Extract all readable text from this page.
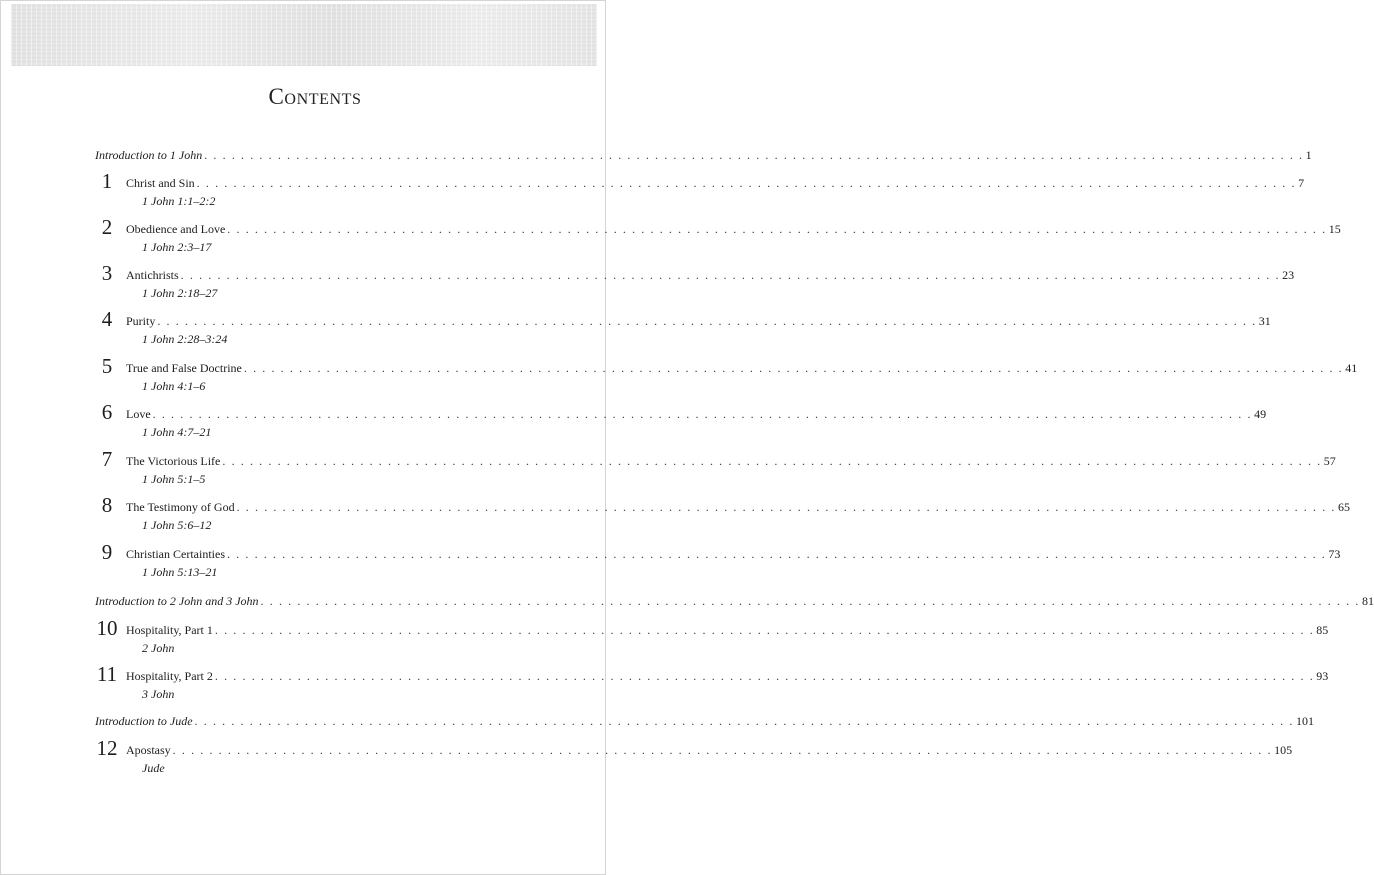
Contents
Introduction to 1 John . . . . . . . . . . . . . . . . . . . . . . . . . . . . . . . . . . . . . . . . . . . . . . . . . . . . . . . . . . . . . . . . . . . . . . . . . . . . . . . . . . . . . . . . . . . . . . . . . . . . . . . . . . . . . . . . . . . . . . . . 1
1	Christ and Sin . . . . . . . . . . . . . . . . . . . . . . . . . . . . . . . . . . . . . . . . . . . . . . . . . . . . . . . . . . . . . . . . . . . . . . . . . . . . . . . . . . . . . . . . . . . . . . . . . . . . . . . . . . . . . . . . . . . . . . . . 7
1 John 1:1–2:2
2	Obedience and Love . . . . . . . . . . . . . . . . . . . . . . . . . . . . . . . . . . . . . . . . . . . . . . . . . . . . . . . . . . . . . . . . . . . . . . . . . . . . . . . . . . . . . . . . . . . . . . . . . . . . . . . . . . . . . . . . . . . . . . . . 15
1 John 2:3–17
3	Antichrists . . . . . . . . . . . . . . . . . . . . . . . . . . . . . . . . . . . . . . . . . . . . . . . . . . . . . . . . . . . . . . . . . . . . . . . . . . . . . . . . . . . . . . . . . . . . . . . . . . . . . . . . . . . . . . . . . . . . . . . . 23
1 John 2:18–27
4	Purity . . . . . . . . . . . . . . . . . . . . . . . . . . . . . . . . . . . . . . . . . . . . . . . . . . . . . . . . . . . . . . . . . . . . . . . . . . . . . . . . . . . . . . . . . . . . . . . . . . . . . . . . . . . . . . . . . . . . . . . . 31
1 John 2:28–3:24
5	True and False Doctrine . . . . . . . . . . . . . . . . . . . . . . . . . . . . . . . . . . . . . . . . . . . . . . . . . . . . . . . . . . . . . . . . . . . . . . . . . . . . . . . . . . . . . . . . . . . . . . . . . . . . . . . . . . . . . . . . . . . . . . . . 41
1 John 4:1–6
6	Love . . . . . . . . . . . . . . . . . . . . . . . . . . . . . . . . . . . . . . . . . . . . . . . . . . . . . . . . . . . . . . . . . . . . . . . . . . . . . . . . . . . . . . . . . . . . . . . . . . . . . . . . . . . . . . . . . . . . . . . . 49
1 John 4:7–21
7	The Victorious Life . . . . . . . . . . . . . . . . . . . . . . . . . . . . . . . . . . . . . . . . . . . . . . . . . . . . . . . . . . . . . . . . . . . . . . . . . . . . . . . . . . . . . . . . . . . . . . . . . . . . . . . . . . . . . . . . . . . . . . . . 57
1 John 5:1–5
8	The Testimony of God . . . . . . . . . . . . . . . . . . . . . . . . . . . . . . . . . . . . . . . . . . . . . . . . . . . . . . . . . . . . . . . . . . . . . . . . . . . . . . . . . . . . . . . . . . . . . . . . . . . . . . . . . . . . . . . . . . . . . . . . 65
1 John 5:6–12
9	Christian Certainties . . . . . . . . . . . . . . . . . . . . . . . . . . . . . . . . . . . . . . . . . . . . . . . . . . . . . . . . . . . . . . . . . . . . . . . . . . . . . . . . . . . . . . . . . . . . . . . . . . . . . . . . . . . . . . . . . . . . . . . . 73
1 John 5:13–21
Introduction to 2 John and 3 John . . . . . . . . . . . . . . . . . . . . . . . . . . . . . . . . . . . . . . . . . . . . . . . . . . . . . . . . . . . . . . . . . . . . . . . . . . . . . . . . . . . . . . . . . . . . . . . . . . . . . . . . . . . . . . . . . . . . . . . . 81
10 Hospitality, Part 1 . . . . . . . . . . . . . . . . . . . . . . . . . . . . . . . . . . . . . . . . . . . . . . . . . . . . . . . . . . . . . . . . . . . . . . . . . . . . . . . . . . . . . . . . . . . . . . . . . . . . . . . . . . . . . . . . . . . . . . . . 85
2 John
11 Hospitality, Part 2 . . . . . . . . . . . . . . . . . . . . . . . . . . . . . . . . . . . . . . . . . . . . . . . . . . . . . . . . . . . . . . . . . . . . . . . . . . . . . . . . . . . . . . . . . . . . . . . . . . . . . . . . . . . . . . . . . . . . . . . . 93
3 John
Introduction to Jude . . . . . . . . . . . . . . . . . . . . . . . . . . . . . . . . . . . . . . . . . . . . . . . . . . . . . . . . . . . . . . . . . . . . . . . . . . . . . . . . . . . . . . . . . . . . . . . . . . . . . . . . . . . . . . . . . . . . . . . . 101
12 Apostasy . . . . . . . . . . . . . . . . . . . . . . . . . . . . . . . . . . . . . . . . . . . . . . . . . . . . . . . . . . . . . . . . . . . . . . . . . . . . . . . . . . . . . . . . . . . . . . . . . . . . . . . . . . . . . . . . . . . . . . . . 105
Jude
